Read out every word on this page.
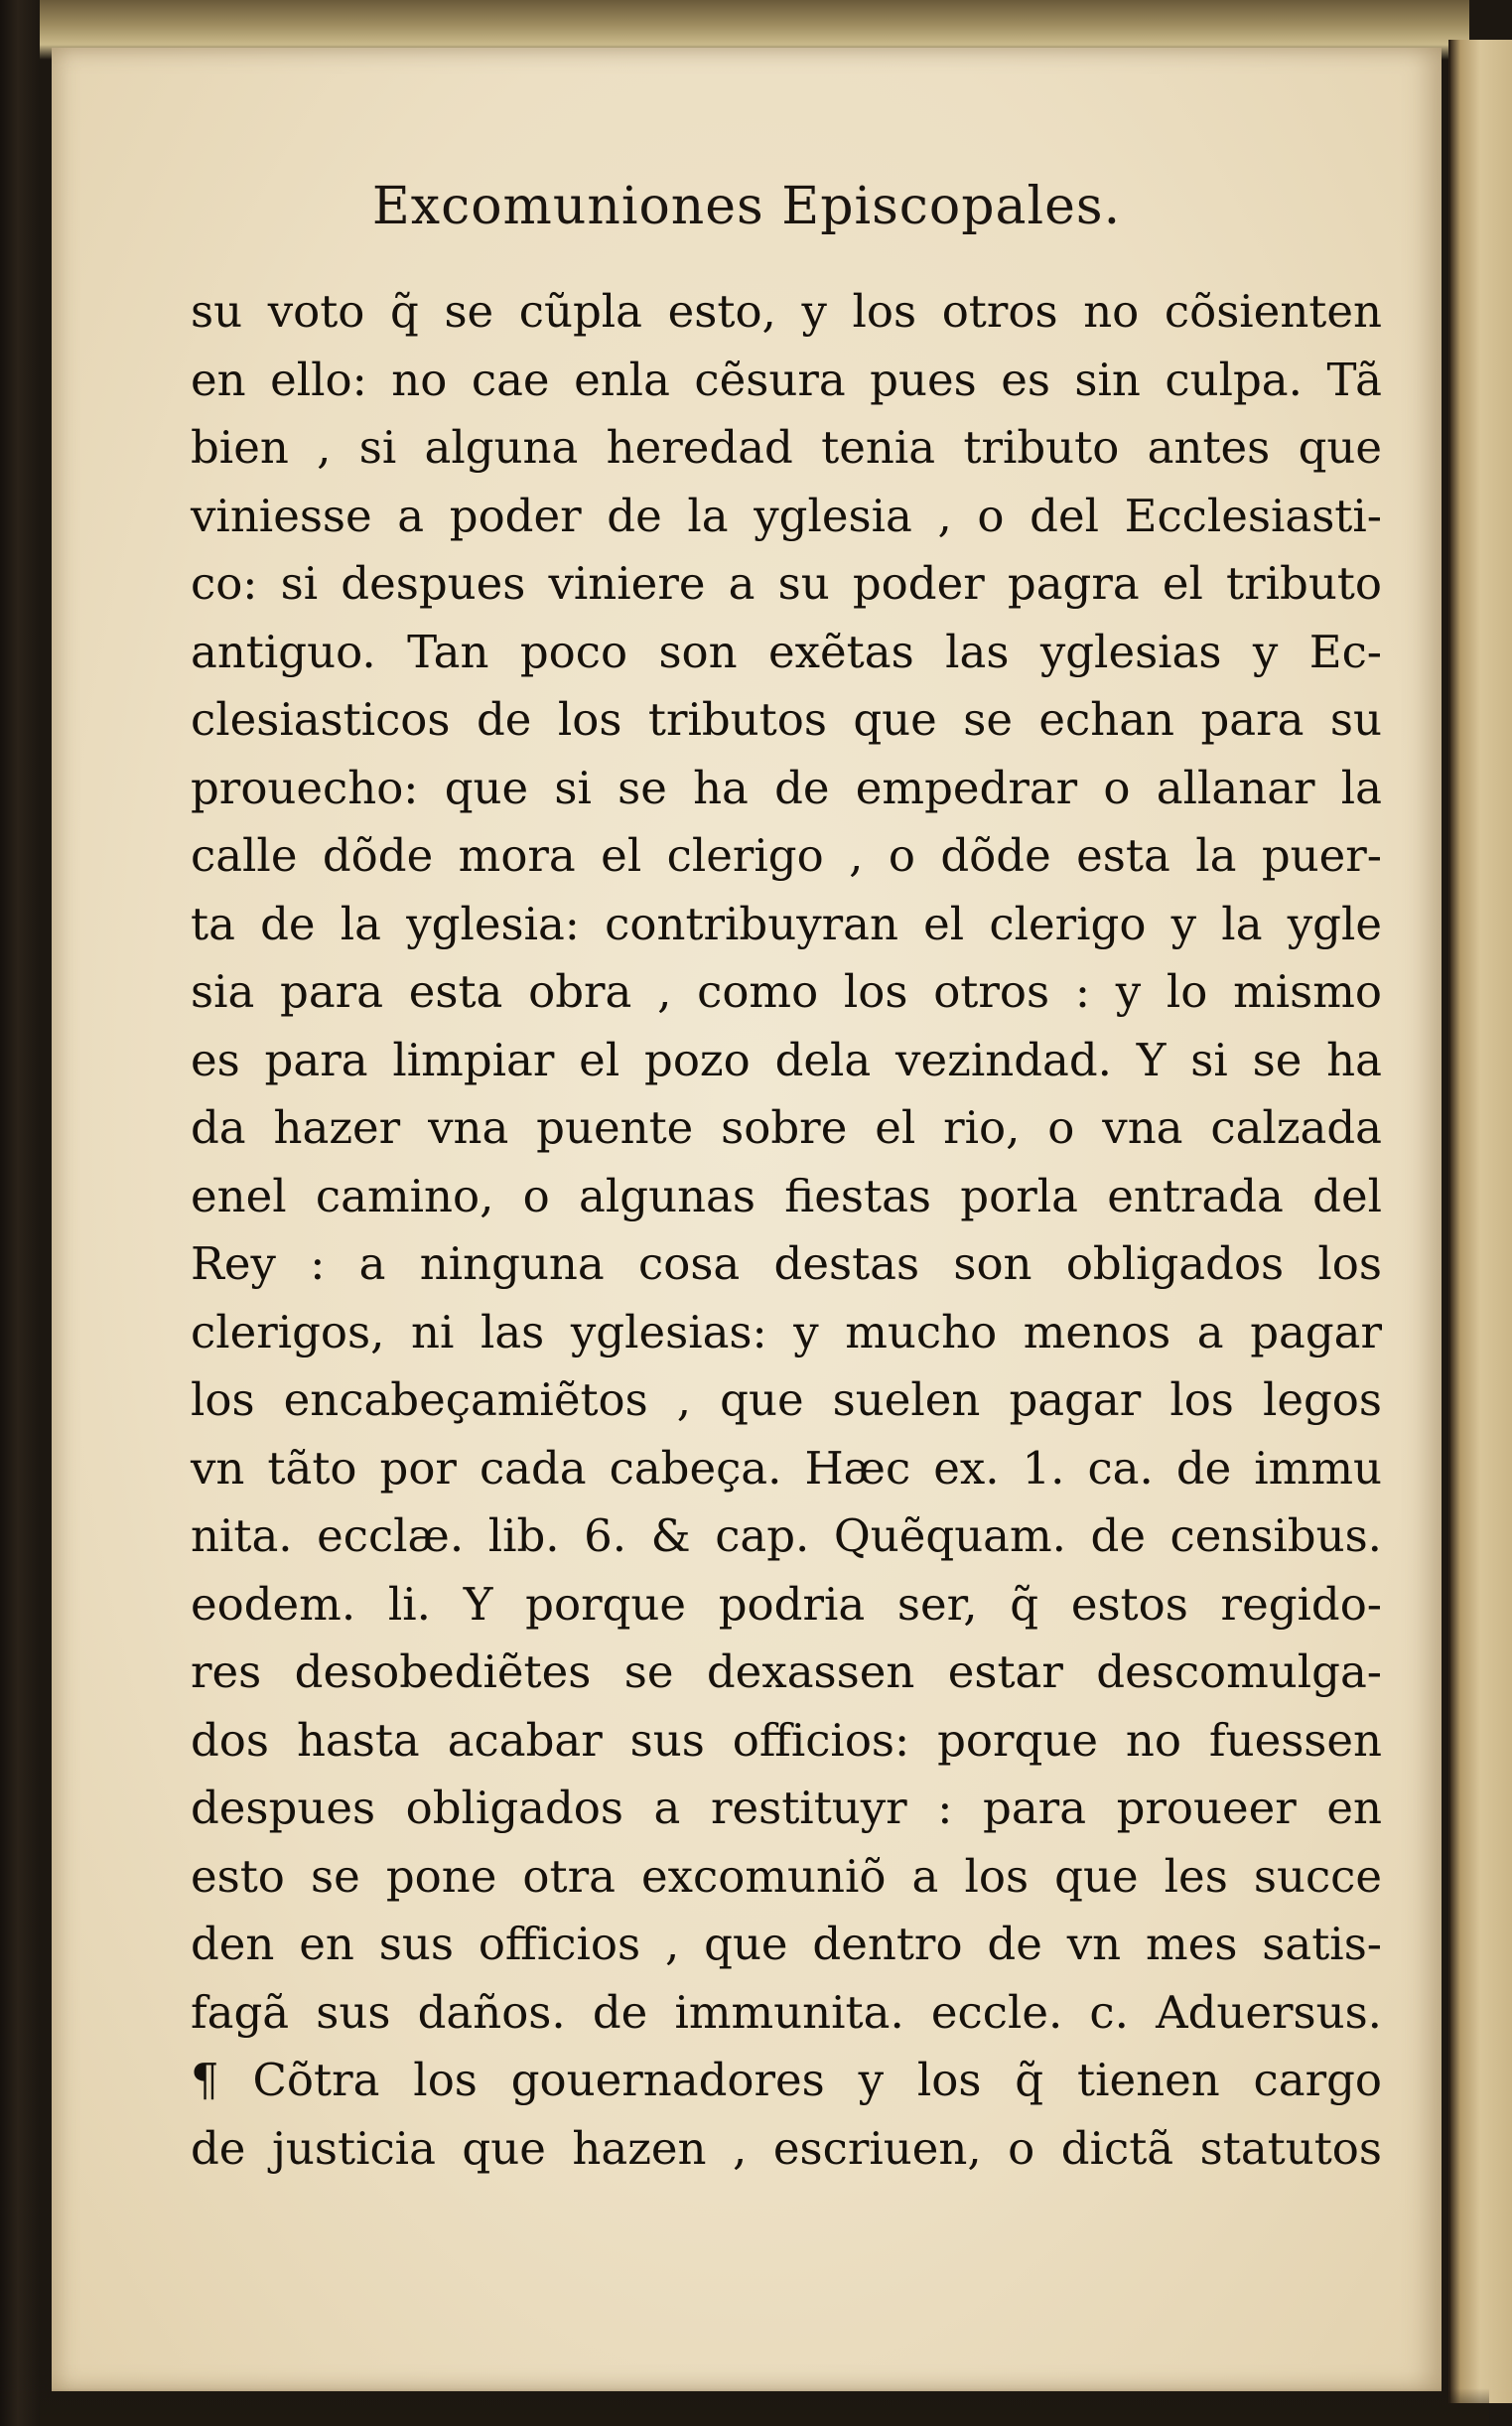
Excomuniones Episcopales.
su voto q̃ se cũpla esto, y los otros no cõsienten
en ello: no cae enla cẽsura pues es sin culpa. Tã
bien , si alguna heredad tenia tributo antes que
viniesse a poder de la yglesia , o del Ecclesiasti-
co: si despues viniere a su poder pagra el tributo
antiguo. Tan poco son exẽtas las yglesias y Ec-
clesiasticos de los tributos que se echan para su
prouecho: que si se ha de empedrar o allanar la
calle dõde mora el clerigo , o dõde esta la puer-
ta de la yglesia: contribuyran el clerigo y la ygle
sia para esta obra , como los otros : y lo mismo
es para limpiar el pozo dela vezindad. Y si se ha
da hazer vna puente sobre el rio, o vna calzada
enel camino, o algunas fiestas porla entrada del
Rey : a ninguna cosa destas son obligados los
clerigos, ni las yglesias: y mucho menos a pagar
los encabeçamiẽtos , que suelen pagar los legos
vn tãto por cada cabeça. Hæc ex. 1. ca. de immu
nita. ecclæ. lib. 6. & cap. Quẽquam. de censibus.
eodem. li. Y porque podria ser, q̃ estos regido-
res desobediẽtes se dexassen estar descomulga-
dos hasta acabar sus officios: porque no fuessen
despues obligados a restituyr : para proueer en
esto se pone otra excomuniõ a los que les succe
den en sus officios , que dentro de vn mes satis-
fagã sus daños. de immunita. eccle. c. Aduersus.
¶ Cõtra los gouernadores y los q̃ tienen cargo
de justicia que hazen , escriuen, o dictã statutos
